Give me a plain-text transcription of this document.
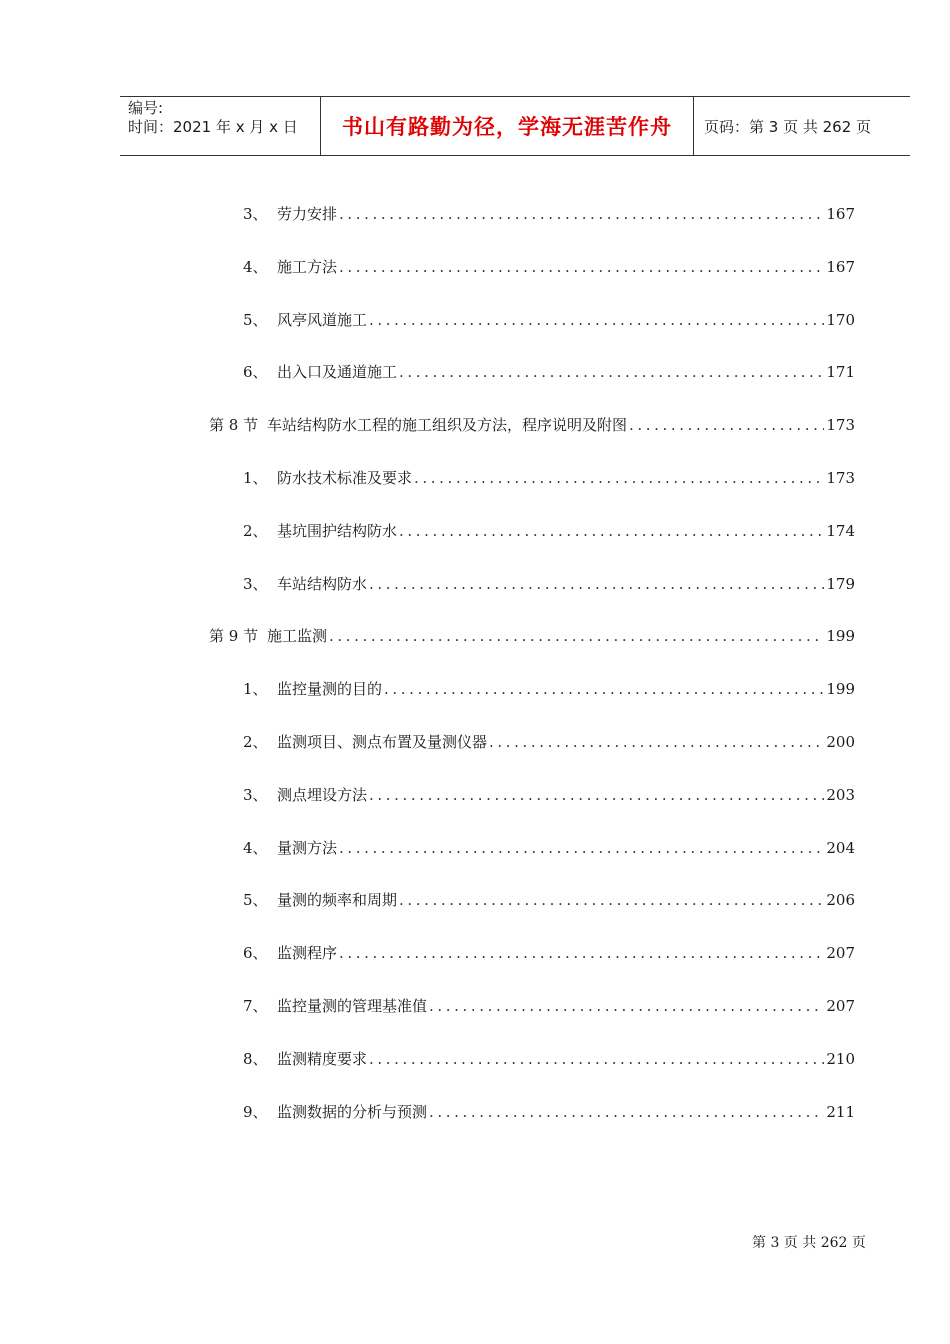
编号:
时间：2021 年 x 月 x 日	书山有路勤为径，学海无涯苦作舟	页码：第 3 页 共 262 页
3、 劳力安排 .....	167
4、 施工方法 .....	167
5、 风亭风道施工 .....	170
6、 出入口及通道施工 .....	171
第 8 节 车站结构防水工程的施工组织及方法，程序说明及附图 .....	173
1、 防水技术标准及要求 .....	173
2、 基坑围护结构防水 .....	174
3、 车站结构防水 .....	179
第 9 节 施工监测 .....	199
1、 监控量测的目的 .....	199
2、 监测项目、测点布置及量测仪器 .....	200
3、 测点埋设方法 .....	203
4、 量测方法 .....	204
5、 量测的频率和周期 .....	206
6、 监测程序 .....	207
7、 监控量测的管理基准值 .....	207
8、 监测精度要求 .....	210
9、 监测数据的分析与预测 .....	211
第 3 页 共 262 页
